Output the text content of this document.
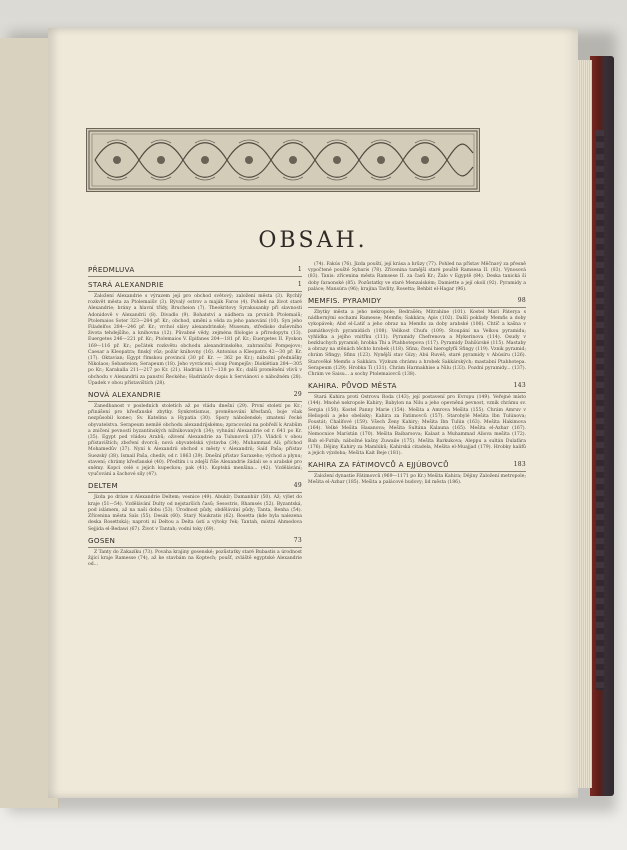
OBSAH.
PŘEDMLUVA	1
STARÁ ALEXANDRIE	1
Založení Alexandrie s výrazem její pro obchod světový; založení města (3). Rychlý rozkvět města za Ptolemaiův (3). Bývalý ostrov a maják Faros (4). Pohled na život staré Alexandrie; brány a hlavní třídy, Brucheion (7). Theokritovy Syrakusanky při slavnosti Adonidově v Alexandrii (8). Divadlo (9). Bohatství a nádhera za prvních Ptolemaiů; Ptolemaios Soter 323—284 př. Kr.; obchod, umění a věda za jeho panování (10). Syn jeho Filadelfos 284—246 př. Kr.; vrchol slávy alexandrinské; Museum, středisko duševního života tehdejšího, a knihovna (12). Půvabné vědy, zejména filologie a přírodopytu (13). Euergetes 246—221 př. Kr.; Ptolemaios V. Epifanes 204—181 př. Kr.; Euergetes II. Fyskon 169—116 př. Kr.; počátek rozkvětu obchodu alexandrinského, zahraniční Pompejovo; Caesar a Kleopatra; finský vůz; požár knihovny (16). Antonius a Kleopatra 42—30 př. Kr. (17). Oktavian; Egypt římskou provincií (30 př. Kr. — 362 po Kr.); nábožní přednášky Nikolaos; Sebasteion; Serapeum (18). Jeho vyvrácení; sloup Pompejův; Dioklétian 284—305 po Kr.; Karakalla 211—217 po Kr. (21). Hadrián 117—138 po Kr.; další proměnění vlivů v obchodu v Alexandrii za panství Řeckého; Hadriánův dopis k Serviánovi o nábožném (28). Úpadek v obou přístavištích (28).
NOVÁ ALEXANDRIE	29
Zanedbanost v posledních stoletích až po vládu dnešní (29). První století po Kr.; přinášení pro křesťanské zbytky. Synkretismus, proměnování křesťanů, boje však nezpůsobil konec; Sv. Katelina a Hypatia (30). Spory náboženské; zmatení řecké obyvatelstva. Serapeum nemilé obchodu alexandrijskému; zpracování na pobřeží k Arabům a zničení pevností byzantinských nižnikovaných (34); vyhnání Alexandrie od r. 641 po Kr. (35). Egypt pod vládou Arabů; oživení Alexandrie za Tulunovců (37). Vládců v obou přístavištích; zboření dvorců; nová obyvatelská výstavba (34). Muhammad Ali; příchod Mohamedův (37). Nyní k Alexandrii obchod s městy v Alexandrii; Saïd Paša; přístav Suezský (38). Ismail Paša, chedív, od r. 1863 (39). Dnešní přístav Saraxeho; východ a plynu; stavení; chrámy křesťanské (40). Předtím i u zdejší říše Alexandrie žádali se o arabské pro sněmy. Kopci celé s jejich kupeckou; pak (41). Koptská menšina... (42). Vzdělávání; vyučování a šachové síly (47).
DELTEM	49
Jízda po dráze z Alexandrie Deltem; vesnice (49). Abukír; Damanhúr (50). Až; výlet do kraje (51—54). Vzdělávání Dulty od nejstarších časů; Sesostris, Rhamsés (52). Byzantská, pod islámem, až na naši dobu (53). Úrodnost půdy, obdělávání půdy; Tanta, Benha (54). Zřícenina města Saïs (55). Desák (60). Starý Naukratis (62). Rosetta (kde byla nalezena deska Rosettská); naproti ni Deltou a Delta ústí a výtoky řek; Tantah, místní Ahmedova Sejjida el-Bedawi (67). Život v Tantah; vodní toky (69).
GOSEN	73
Z Tanty do Zakazíku (73). Povaha krajiny gosenské; pozůstatky staré Bubastis a úrodnost žijící kraje Ramesse (74), až ke stavbám na Koptech; poušť, zvláště egyptské Alexandrie od...
(74). Fakús (76). Jízda pouští, její krása a hrůzy (77). Pohled na přístav Měčnavý za přesně vypočtené pouště Sybaris (78). Zřícenina tamější staré pouště Ramsesa II. (83). Výnosová (83). Tanis: zřícenina města Ramsese II. za časů Kr.; Žalo v Egyptě (84). Deska tanická ší doby faraonské (85). Pozůstatky ve staré Menzalském; Damiette a její okolí (92). Pyramidy a paláce; Mansúra (96); krajina Tavlity, Rosetta; Behbit el-Hagar (96).
MEMFIS. PYRAMIDY	98
Zbytky města a jeho nekropole; Bedrašén; Mitrahíne (101). Kostel Mari Páterya s nádhernými sochami Ramesse; Memfis; Sakkára; Apis (102). Další poklady Memfis a doby vykopávek; Abd el-Latif a jeho obraz na Memfis za doby arabské (106). Chtíč a kašna v památkových pyramidách (108). Velikost Chufu (109). Stoupání na Velkou pyramidu; vyhlídka a jejího vnitřku (111). Pyramidy Chefrenova a Mykerinova (114). Osudy v bezkluchych pyramid; hrobka Thi a Ptahhotepova (117). Pyramidy Dahšúrské (115). Mastaby a obrazy na stěnách těchto hrobek (118). Sfinx; čtení hieroglyfů Sfingy (119). Vznik pyramid; chrám Sfingy; Sfinx (123). Nynější stav Gízy; Abú Ruvéš; staré pyramidy v Abúsíru (126). Starověké Memfis a Sakkára. Výzkum chrámu a hrobek Sakkárských; mastabní Ptahhotepa. Serapeum (129). Hrobka Ti (131). Chrám Harmakhise a Nilu (133). Pozdní pyramidy... (137). Chrám ve Saisu... a sochy Ptolemaiovců (138).
KAHIRA. PŮVOD MĚSTA	143
Stará Kahira proti Ostrovu Roda (143); její postavení pro Evropu (149). Veřejné místo (144). Mnohé nekropole Kahiry; Babylon na Nilu a jeho opevněná pevnost, vznik chrámu sv. Sergia (150). Kostel Panny Marie (154). Mešita a Amrova Mešita (155). Chrám Amruv v Heliopoli a jeho obelisky; Kahira za Fatimovců (157). Starobylé Mešita Ibn Tulúnova; Foustát; Chalífové (159). Všech Ženy Kahiry; Mešita Ibn Tulún (163). Mešita Hakimova (164). Velké Mešita Hasanova; Mešita Sultána Kalauna (165). Mešita el-Azhar (167). Nemocnice Marístán (170). Mešita Baibarsova; Kalaat a Muhammad Aliova mešita (172). Bab el-Futúh; nábožné kašny Zuwaile (175). Mešita Barkukova; Aleppu a sultán Dulafára (176). Dějiny Kahiry za Mamlúků; Kahirská citadela, Mešita el-Muajjad (179). Hrobky kalifů a jejich výzdoba; Mešita Kait Beje (181).
KAHIRA ZA FÁTIMOVCŮ A EJJÚBOVCŮ	183
Založení dynastie Fátimovců (969—1171 po Kr.) Mešita Kahira; Dějiny Založení metropole; Mešita el-Azhar (185). Mešita a palácové budovy; lid města (186).
